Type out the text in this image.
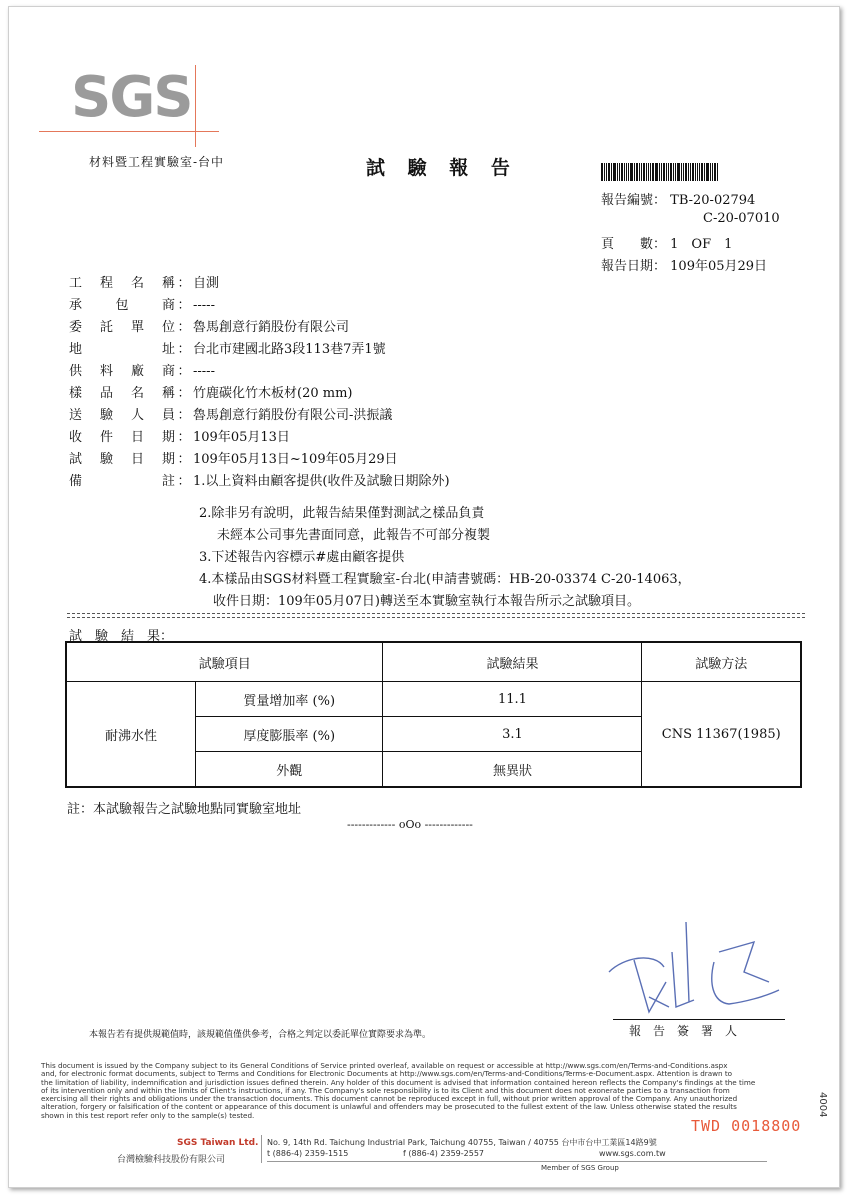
SGS
材料暨工程實驗室-台中	試 驗 報 告
報告編號： TB-20-02794
C-20-07010
頁　　數： 1　OF　1
報告日期： 109年05月29日
工程名稱 ： 自測
承包商 ： -----
委託單位 ： 魯馬創意行銷股份有限公司
地址 ： 台北市建國北路3段113巷7弄1號
供料廠商 ： -----
樣品名稱 ： 竹鹿碳化竹木板材(20 mm)
送驗人員 ： 魯馬創意行銷股份有限公司-洪振議
收件日期 ： 109年05月13日
試驗日期 ： 109年05月13日~109年05月29日
備註 ： 1.以上資料由顧客提供(收件及試驗日期除外)
2.除非另有說明，此報告結果僅對測試之樣品負責
未經本公司事先書面同意，此報告不可部分複製
3.下述報告內容標示#處由顧客提供
4.本樣品由SGS材料暨工程實驗室-台北(申請書號碼：HB-20-03374 C-20-14063，
收件日期：109年05月07日)轉送至本實驗室執行本報告所示之試驗項目。
試　驗　結　果：
試驗項目		試驗結果	試驗方法
耐沸水性	質量增加率 (%)	11.1	CNS 11367(1985)
	厚度膨脹率 (%)	3.1	
	外觀	無異狀	
註：本試驗報告之試驗地點同實驗室地址
------------- oOo -------------
報　告　簽　署　人
本報告若有提供規範值時，該規範值僅供參考，合格之判定以委託單位實際要求為準。
This document is issued by the Company subject to its General Conditions of Service printed overleaf, available on request or accessible at http://www.sgs.com/en/Terms-and-Conditions.aspx
and, for electronic format documents, subject to Terms and Conditions for Electronic Documents at http://www.sgs.com/en/Terms-and-Conditions/Terms-e-Document.aspx. Attention is drawn to
the limitation of liability, indemnification and jurisdiction issues defined therein. Any holder of this document is advised that information contained hereon reflects the Company's findings at the time
of its intervention only and within the limits of Client's instructions, if any. The Company's sole responsibility is to its Client and this document does not exonerate parties to a transaction from
exercising all their rights and obligations under the transaction documents. This document cannot be reproduced except in full, without prior written approval of the Company. Any unauthorized
alteration, forgery or falsification of the content or appearance of this document is unlawful and offenders may be prosecuted to the fullest extent of the law. Unless otherwise stated the results
shown in this test report refer only to the sample(s) tested.
TWD 0018800
4004
SGS Taiwan Ltd.
台灣檢驗科技股份有限公司
No. 9, 14th Rd. Taichung Industrial Park, Taichung 40755, Taiwan / 40755 台中市台中工業區14路9號
t (886-4) 2359-1515	f (886-4) 2359-2557	www.sgs.com.tw
Member of SGS Group
